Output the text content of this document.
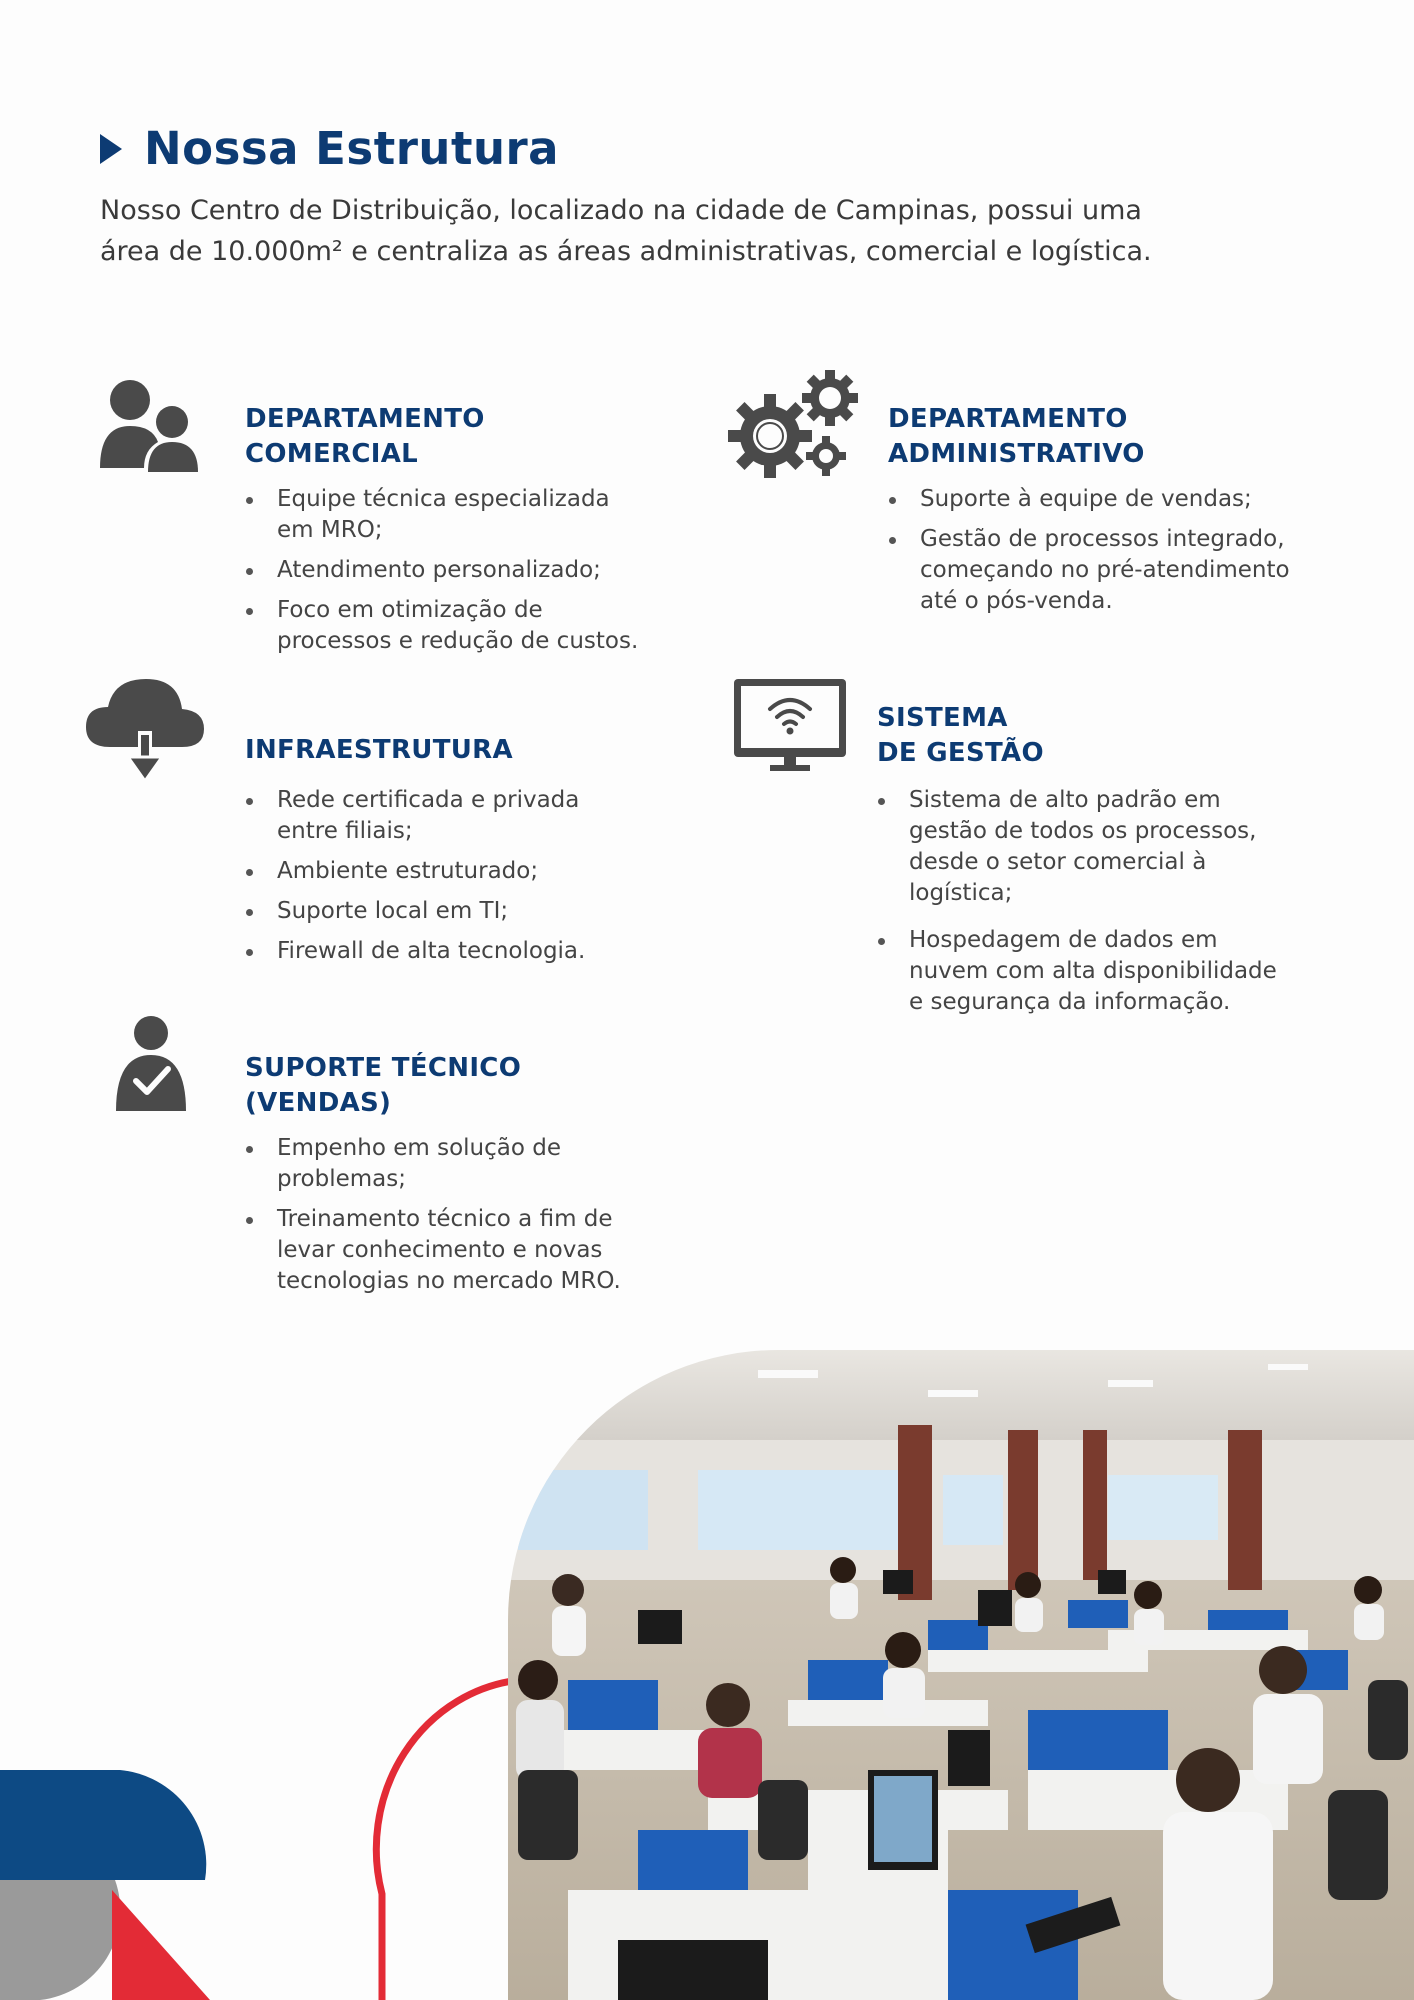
Nossa Estrutura

Nosso Centro de Distribuição, localizado na cidade de Campinas, possui uma
área de 10.000m² e centraliza as áreas administrativas, comercial e logística.

DEPARTAMENTO
COMERCIAL
Equipe técnica especializada em MRO;
Atendimento personalizado;
Foco em otimização de processos e redução de custos.
DEPARTAMENTO
ADMINISTRATIVO
Suporte à equipe de vendas;
Gestão de processos integrado, começando no pré-atendimento até o pós-venda.
INFRAESTRUTURA
Rede certificada e privada entre filiais;
Ambiente estruturado;
Suporte local em TI;
Firewall de alta tecnologia.
SISTEMA
DE GESTÃO
Sistema de alto padrão em gestão de todos os processos, desde o setor comercial à logística;
Hospedagem de dados em nuvem com alta disponibilidade e segurança da informação.
SUPORTE TÉCNICO
(VENDAS)
Empenho em solução de problemas;
Treinamento técnico a fim de levar conhecimento e novas tecnologias no mercado MRO.
